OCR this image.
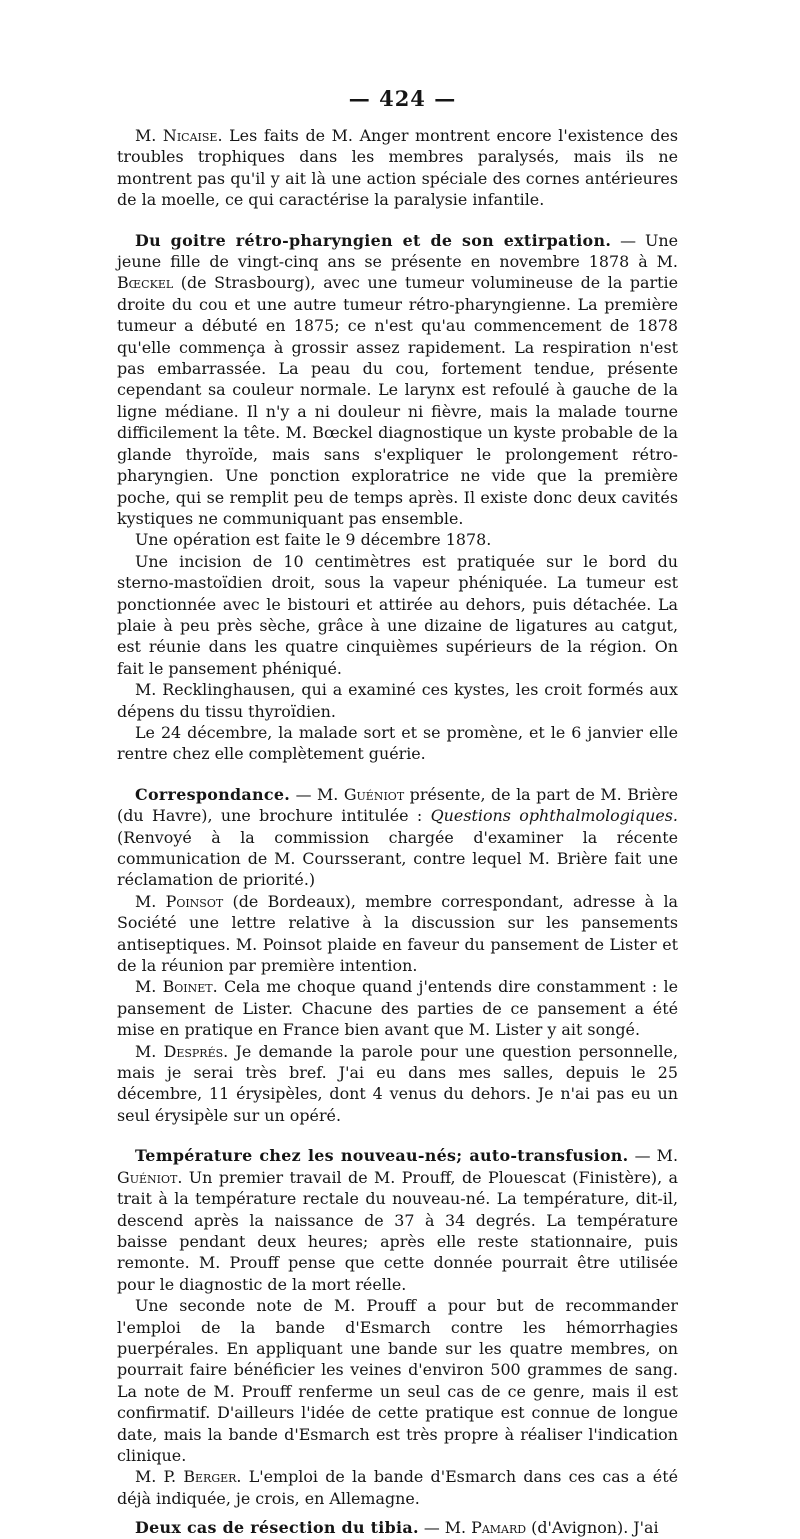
— 424 —

M. Nicaise. Les faits de M. Anger montrent encore l'existence des troubles trophiques dans les membres paralysés, mais ils ne montrent pas qu'il y ait là une action spéciale des cornes antérieures de la moelle, ce qui caractérise la paralysie infantile.

Du goitre rétro-pharyngien et de son extirpation. — Une jeune fille de vingt-cinq ans se présente en novembre 1878 à M. Bœckel (de Strasbourg), avec une tumeur volumineuse de la partie droite du cou et une autre tumeur rétro-pharyngienne. La première tumeur a débuté en 1875; ce n'est qu'au commencement de 1878 qu'elle commença à grossir assez rapidement. La respiration n'est pas embarrassée. La peau du cou, fortement tendue, présente cependant sa couleur normale. Le larynx est refoulé à gauche de la ligne médiane. Il n'y a ni douleur ni fièvre, mais la malade tourne difficilement la tête. M. Bœckel diagnostique un kyste probable de la glande thyroïde, mais sans s'expliquer le prolongement rétro-pharyngien. Une ponction exploratrice ne vide que la première poche, qui se remplit peu de temps après. Il existe donc deux cavités kystiques ne communiquant pas ensemble.

Une opération est faite le 9 décembre 1878.

Une incision de 10 centimètres est pratiquée sur le bord du sterno-mastoïdien droit, sous la vapeur phéniquée. La tumeur est ponctionnée avec le bistouri et attirée au dehors, puis détachée. La plaie à peu près sèche, grâce à une dizaine de ligatures au catgut, est réunie dans les quatre cinquièmes supérieurs de la région. On fait le pansement phéniqué.

M. Recklinghausen, qui a examiné ces kystes, les croit formés aux dépens du tissu thyroïdien.

Le 24 décembre, la malade sort et se promène, et le 6 janvier elle rentre chez elle complètement guérie.

Correspondance. — M. Guéniot présente, de la part de M. Brière (du Havre), une brochure intitulée : Questions ophthalmologiques. (Renvoyé à la commission chargée d'examiner la récente communication de M. Coursserant, contre lequel M. Brière fait une réclamation de priorité.)

M. Poinsot (de Bordeaux), membre correspondant, adresse à la Société une lettre relative à la discussion sur les pansements antiseptiques. M. Poinsot plaide en faveur du pansement de Lister et de la réunion par première intention.

M. Boinet. Cela me choque quand j'entends dire constamment : le pansement de Lister. Chacune des parties de ce pansement a été mise en pratique en France bien avant que M. Lister y ait songé.

M. Després. Je demande la parole pour une question personnelle, mais je serai très bref. J'ai eu dans mes salles, depuis le 25 décembre, 11 érysipèles, dont 4 venus du dehors. Je n'ai pas eu un seul érysipèle sur un opéré.

Température chez les nouveau-nés; auto-transfusion. — M. Guéniot. Un premier travail de M. Prouff, de Plouescat (Finistère), a trait à la température rectale du nouveau-né. La température, dit-il, descend après la naissance de 37 à 34 degrés. La température baisse pendant deux heures; après elle reste stationnaire, puis remonte. M. Prouff pense que cette donnée pourrait être utilisée pour le diagnostic de la mort réelle.

Une seconde note de M. Prouff a pour but de recommander l'emploi de la bande d'Esmarch contre les hémorrhagies puerpérales. En appliquant une bande sur les quatre membres, on pourrait faire bénéficier les veines d'environ 500 grammes de sang. La note de M. Prouff renferme un seul cas de ce genre, mais il est confirmatif. D'ailleurs l'idée de cette pratique est connue de longue date, mais la bande d'Esmarch est très propre à réaliser l'indication clinique.

M. P. Berger. L'emploi de la bande d'Esmarch dans ces cas a été déjà indiquée, je crois, en Allemagne.

Deux cas de résection du tibia. — M. Pamard (d'Avignon). J'ai
